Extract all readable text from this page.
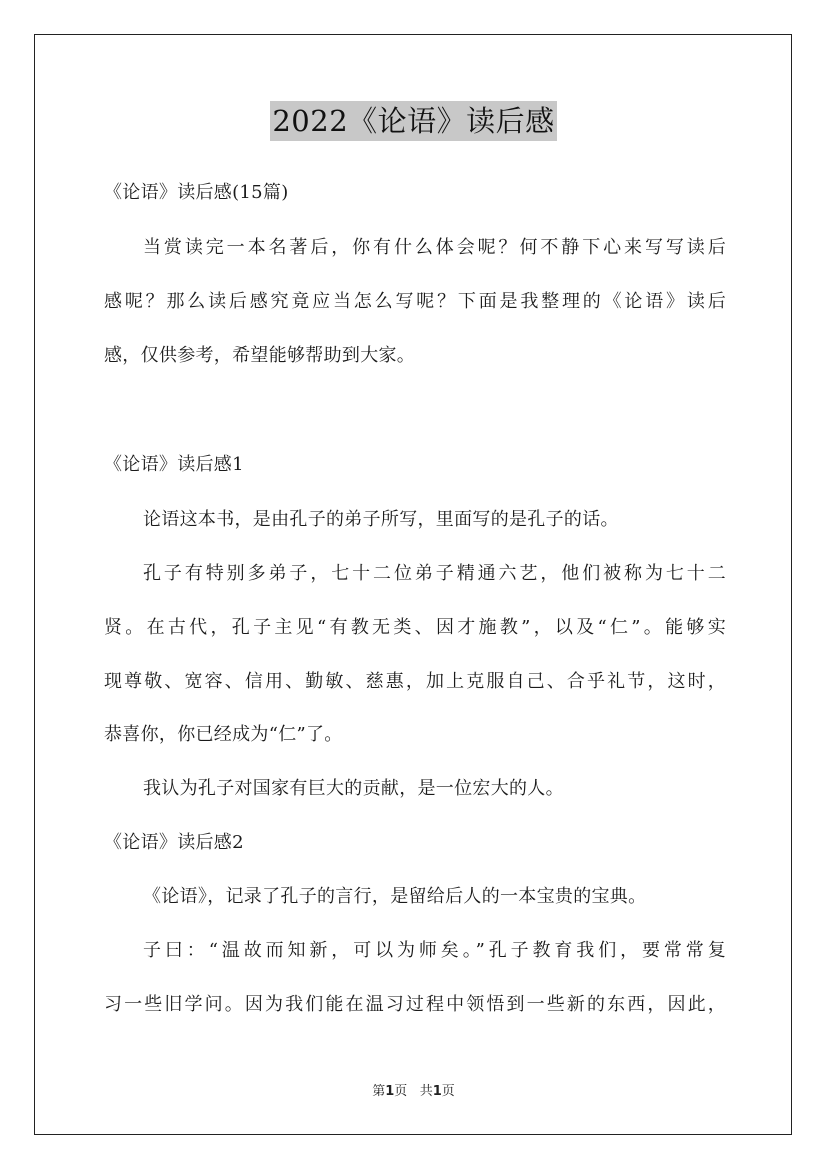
2022《论语》读后感
《论语》读后感(15篇)
当赏读完一本名著后，你有什么体会呢？何不静下心来写写读后
感呢？那么读后感究竟应当怎么写呢？下面是我整理的《论语》读后
感，仅供参考，希望能够帮助到大家。
《论语》读后感1
论语这本书，是由孔子的弟子所写，里面写的是孔子的话。
孔子有特别多弟子，七十二位弟子精通六艺，他们被称为七十二
贤。在古代，孔子主见“有教无类、因才施教”，以及“仁”。能够实
现尊敬、宽容、信用、勤敏、慈惠，加上克服自己、合乎礼节，这时，
恭喜你，你已经成为“仁”了。
我认为孔子对国家有巨大的贡献，是一位宏大的人。
《论语》读后感2
《论语》，记录了孔子的言行，是留给后人的一本宝贵的宝典。
子曰：“温故而知新，可以为师矣。”孔子教育我们，要常常复
习一些旧学问。因为我们能在温习过程中领悟到一些新的东西，因此，
第1页   共1页
